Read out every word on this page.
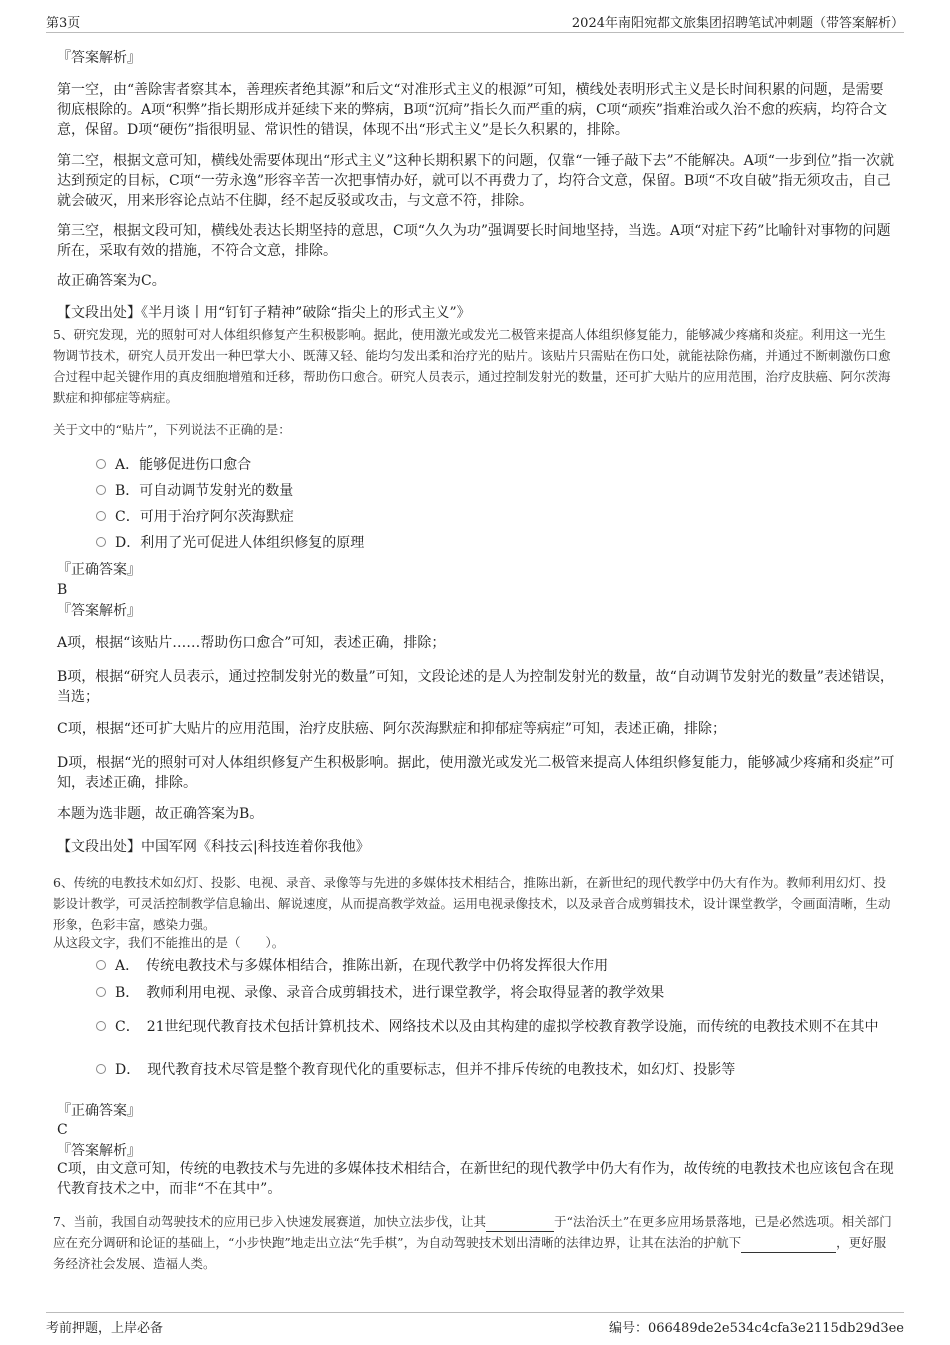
第3页	2024年南阳宛都文旅集团招聘笔试冲刺题（带答案解析）
『答案解析』

第一空，由“善除害者察其本，善理疾者绝其源”和后文“对准形式主义的根源”可知，横线处表明形式主义是长时间积累的问题，是需要彻底根除的。A项“积弊”指长期形成并延续下来的弊病，B项“沉疴”指长久而严重的病，C项“顽疾”指难治或久治不愈的疾病，均符合文意，保留。D项“硬伤”指很明显、常识性的错误，体现不出“形式主义”是长久积累的，排除。

第二空，根据文意可知，横线处需要体现出“形式主义”这种长期积累下的问题，仅靠“一锤子敲下去”不能解决。A项“一步到位”指一次就达到预定的目标，C项“一劳永逸”形容辛苦一次把事情办好，就可以不再费力了，均符合文意，保留。B项“不攻自破”指无须攻击，自己就会破灭，用来形容论点站不住脚，经不起反驳或攻击，与文意不符，排除。

第三空，根据文段可知，横线处表达长期坚持的意思，C项“久久为功”强调要长时间地坚持，当选。A项“对症下药”比喻针对事物的问题所在，采取有效的措施，不符合文意，排除。

故正确答案为C。

【文段出处】《半月谈丨用“钉钉子精神”破除“指尖上的形式主义”》

5、研究发现，光的照射可对人体组织修复产生积极影响。据此，使用激光或发光二极管来提高人体组织修复能力，能够减少疼痛和炎症。利用这一光生物调节技术，研究人员开发出一种巴掌大小、既薄又轻、能均匀发出柔和治疗光的贴片。该贴片只需贴在伤口处，就能祛除伤痛，并通过不断刺激伤口愈合过程中起关键作用的真皮细胞增殖和迁移，帮助伤口愈合。研究人员表示，通过控制发射光的数量，还可扩大贴片的应用范围，治疗皮肤癌、阿尔茨海默症和抑郁症等病症。

关于文中的“贴片”，下列说法不正确的是：

A．能够促进伤口愈合
B．可自动调节发射光的数量
C．可用于治疗阿尔茨海默症
D．利用了光可促进人体组织修复的原理
『正确答案』
B
『答案解析』

A项，根据“该贴片……帮助伤口愈合”可知，表述正确，排除；

B项，根据“研究人员表示，通过控制发射光的数量”可知，文段论述的是人为控制发射光的数量，故“自动调节发射光的数量”表述错误，当选；

C项，根据“还可扩大贴片的应用范围，治疗皮肤癌、阿尔茨海默症和抑郁症等病症”可知，表述正确，排除；

D项，根据“光的照射可对人体组织修复产生积极影响。据此，使用激光或发光二极管来提高人体组织修复能力，能够减少疼痛和炎症”可知，表述正确，排除。

本题为选非题，故正确答案为B。

【文段出处】中国军网《科技云|科技连着你我他》

6、传统的电教技术如幻灯、投影、电视、录音、录像等与先进的多媒体技术相结合，推陈出新，在新世纪的现代教学中仍大有作为。教师利用幻灯、投影设计教学，可灵活控制教学信息输出、解说速度，从而提高教学效益。运用电视录像技术，以及录音合成剪辑技术，设计课堂教学，令画面清晰，生动形象，色彩丰富，感染力强。

从这段文字，我们不能推出的是（　　）。

A．　传统电教技术与多媒体相结合，推陈出新，在现代教学中仍将发挥很大作用
B．　教师利用电视、录像、录音合成剪辑技术，进行课堂教学，将会取得显著的教学效果
C．　21世纪现代教育技术包括计算机技术、网络技术以及由其构建的虚拟学校教育教学设施，而传统的电教技术则不在其中
D．　现代教育技术尽管是整个教育现代化的重要标志，但并不排斥传统的电教技术，如幻灯、投影等
『正确答案』
C
『答案解析』

C项，由文意可知，传统的电教技术与先进的多媒体技术相结合，在新世纪的现代教学中仍大有作为，故传统的电教技术也应该包含在现代教育技术之中，而非“不在其中”。

7、当前，我国自动驾驶技术的应用已步入快速发展赛道，加快立法步伐，让其	于“法治沃土”在更多应用场景落地，已是必然选项。相关部门应在充分调研和论证的基础上，“小步快跑”地走出立法“先手棋”，为自动驾驶技术划出清晰的法律边界，让其在法治的护航下	，更好服务经济社会发展、造福人类。

考前押题，上岸必备	编号：066489de2e534c4cfa3e2115db29d3ee
